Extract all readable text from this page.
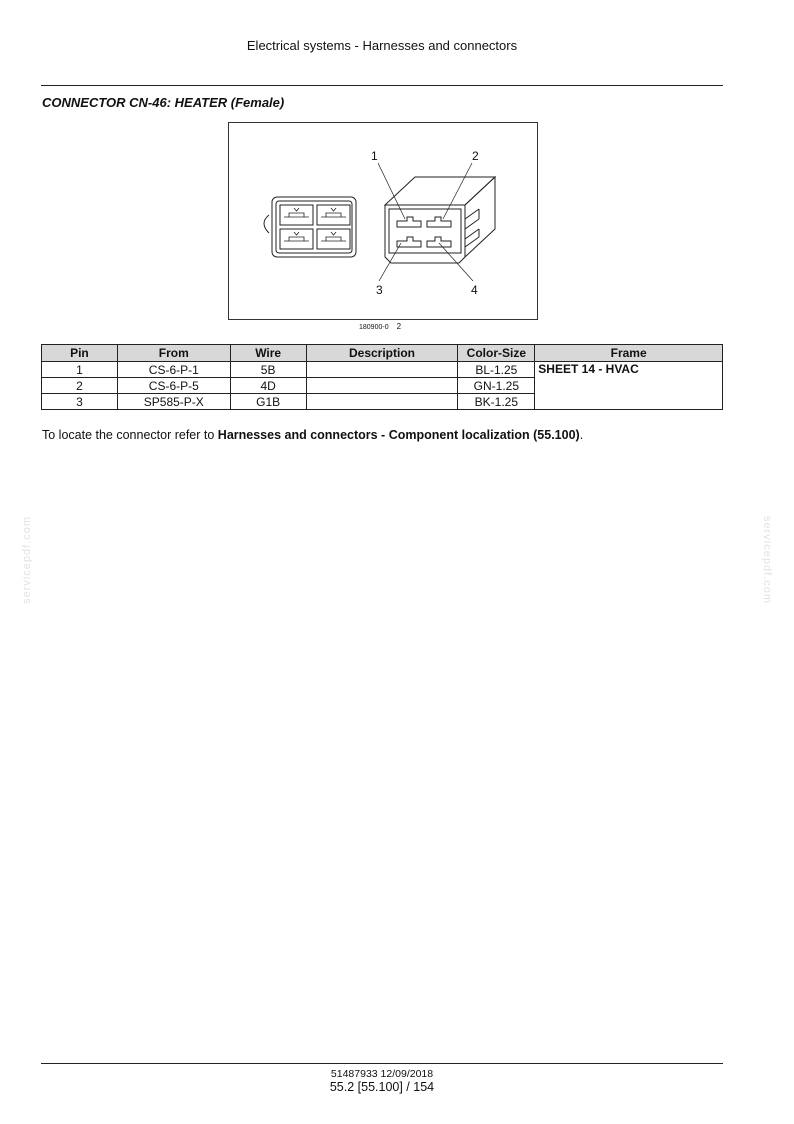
Electrical systems - Harnesses and connectors
CONNECTOR CN-46: HEATER (Female)
1	2
3	4
180900-0 2
Pin	From	Wire	Description	Color-Size	Frame
1	CS-6-P-1	5B		BL-1.25	SHEET 14 - HVAC
2	CS-6-P-5	4D		GN-1.25	
3	SP585-P-X	G1B		BK-1.25	
To locate the connector refer to Harnesses and connectors - Component localization (55.100).
servicepdf.com	servicepdf.com
51487933 12/09/2018
55.2 [55.100] / 154
